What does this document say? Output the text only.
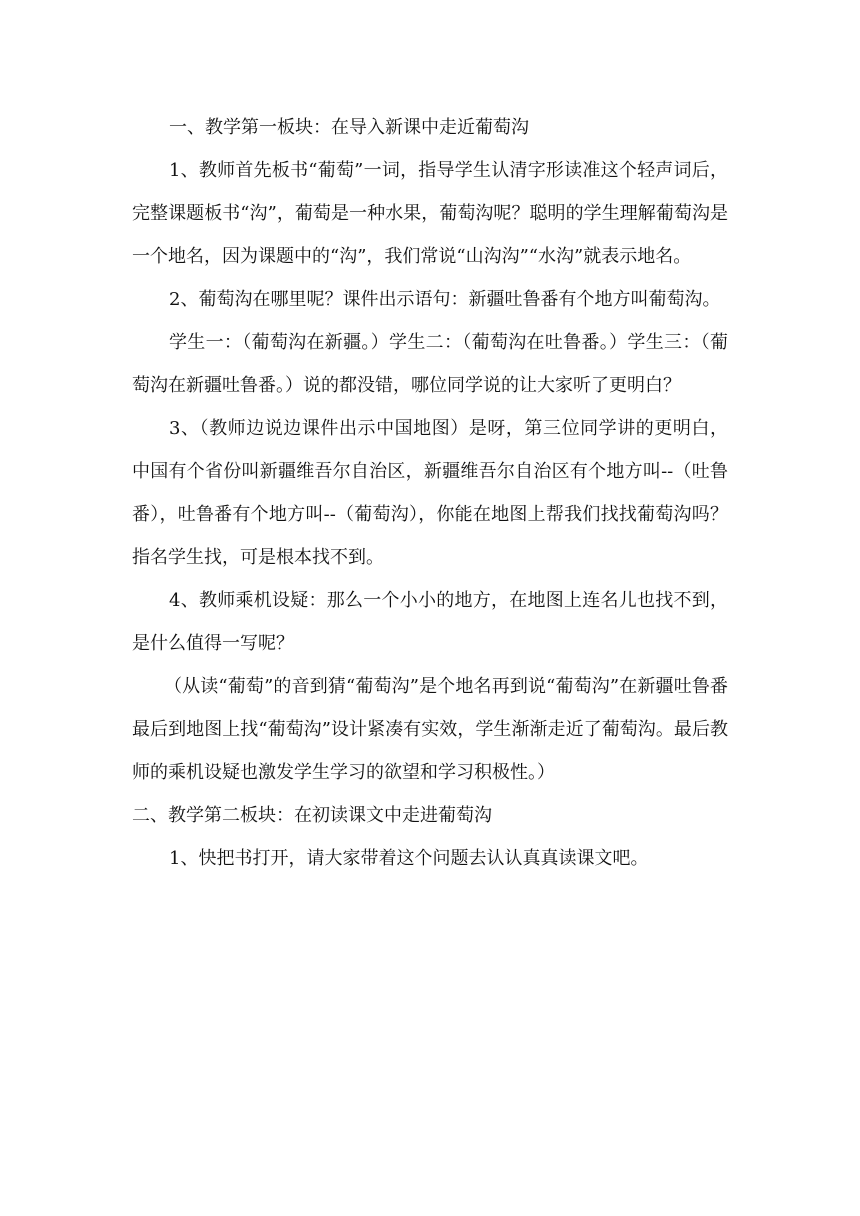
一、教学第一板块：在导入新课中走近葡萄沟

1、教师首先板书“葡萄”一词，指导学生认清字形读准这个轻声词后，完整课题板书“沟”，葡萄是一种水果，葡萄沟呢？聪明的学生理解葡萄沟是一个地名，因为课题中的“沟”，我们常说“山沟沟”“水沟”就表示地名。

2、葡萄沟在哪里呢？课件出示语句：新疆吐鲁番有个地方叫葡萄沟。

学生一：（葡萄沟在新疆。）学生二：（葡萄沟在吐鲁番。）学生三：（葡萄沟在新疆吐鲁番。）说的都没错，哪位同学说的让大家听了更明白？

3、（教师边说边课件出示中国地图）是呀，第三位同学讲的更明白，中国有个省份叫新疆维吾尔自治区，新疆维吾尔自治区有个地方叫--（吐鲁番），吐鲁番有个地方叫--（葡萄沟），你能在地图上帮我们找找葡萄沟吗？指名学生找，可是根本找不到。

4、教师乘机设疑：那么一个小小的地方，在地图上连名儿也找不到，是什么值得一写呢？

（从读“葡萄”的音到猜“葡萄沟”是个地名再到说“葡萄沟”在新疆吐鲁番最后到地图上找“葡萄沟”设计紧凑有实效，学生渐渐走近了葡萄沟。最后教师的乘机设疑也激发学生学习的欲望和学习积极性。）

二、教学第二板块：在初读课文中走进葡萄沟

1、快把书打开，请大家带着这个问题去认认真真读课文吧。
